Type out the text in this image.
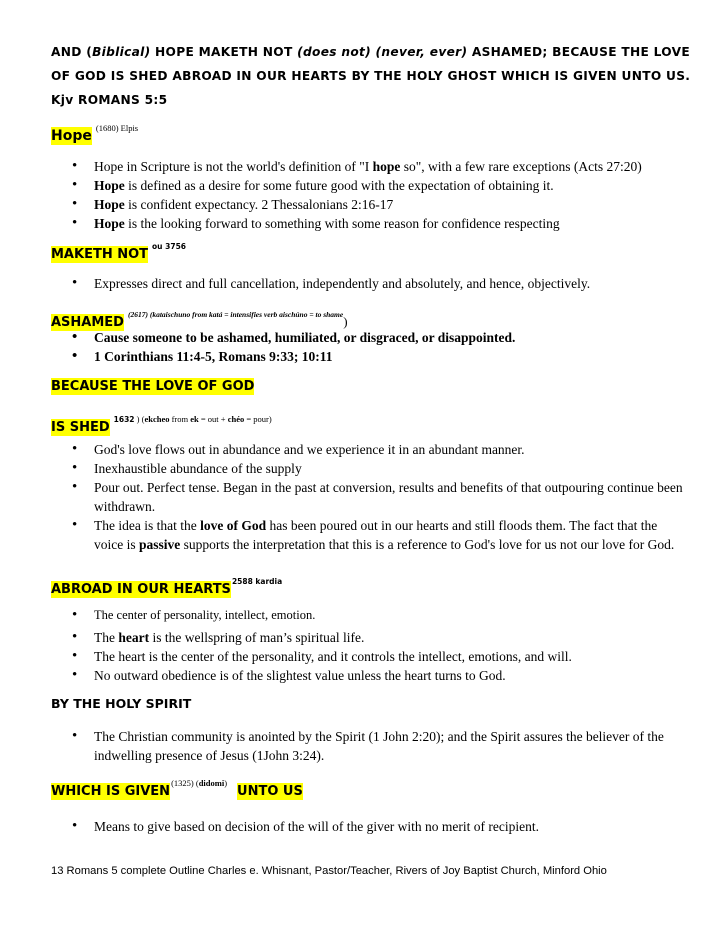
AND (Biblical) HOPE MAKETH NOT (does not) (never, ever) ASHAMED; BECAUSE THE LOVE OF GOD IS SHED ABROAD IN OUR HEARTS BY THE HOLY GHOST WHICH IS GIVEN UNTO US. Kjv ROMANS 5:5
Hope $^{(1680) Elpis}$
• Hope in Scripture is not the world's definition of "I hope so", with a few rare exceptions (Acts 27:20)
• Hope is defined as a desire for some future good with the expectation of obtaining it.
• Hope is confident expectancy. 2 Thessalonians 2:16-17
• Hope is the looking forward to something with some reason for confidence respecting
MAKETH $NOT^{ou 3756}$
• Expresses direct and full cancellation, independently and absolutely, and hence, objectively.
$ASHAMED^{(2617) (kataischuno from katá = intensifies verb aischúno = to shame}$)
• Cause someone to be ashamed, humiliated, or disgraced, or disappointed.
• 1 Corinthians 11:4-5, Romans 9:33; 10:11
BECAUSE THE LOVE OF GOD
IS $SHED^{1632}$ $^{) (ekcheo from ek = out + chéo = pour)}$
• God's love flows out in abundance and we experience it in an abundant manner.
• Inexhaustible abundance of the supply
• Pour out. Perfect tense. Began in the past at conversion, results and benefits of that outpouring continue been withdrawn.
• The idea is that the love of God has been poured out in our hearts and still floods them. The fact that the voice is passive supports the interpretation that this is a reference to God's love for us not our love for God.
ABROAD IN OUR $HEARTS^{2588 kardia}$
• The center of personality, intellect, emotion.
• The heart is the wellspring of man’s spiritual life.
• The heart is the center of the personality, and it controls the intellect, emotions, and will.
• No outward obedience is of the slightest value unless the heart turns to God.
BY THE HOLY SPIRIT
• The Christian community is anointed by the Spirit (1 John 2:20); and the Spirit assures the believer of the indwelling presence of Jesus (1John 3:24).
WHICH IS $GIVEN^{(1325) (didomi)}UNTO$ US
• Means to give based on decision of the will of the giver with no merit of recipient.
13 Romans 5 complete Outline Charles e. Whisnant, Pastor/Teacher, Rivers of Joy Baptist Church, Minford Ohio
